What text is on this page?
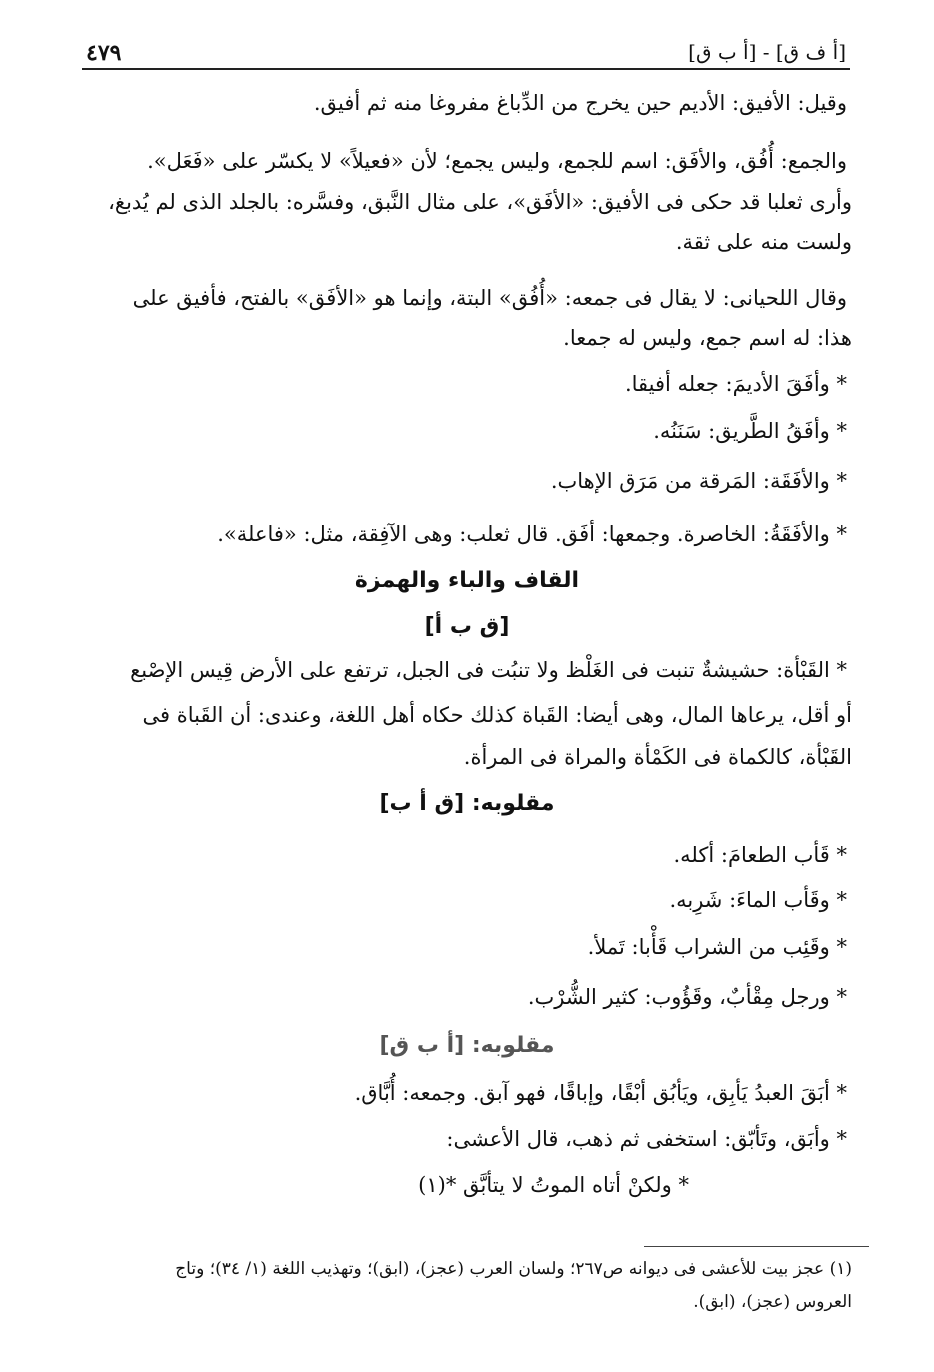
٤٧٩	[أ ف ق] - [أ ب ق]
وقيل: الأفيق: الأديم حين يخرج من الدِّباغ مفروغا منه ثم أفيق.
والجمع: أُفُق، والأفَق: اسم للجمع، وليس يجمع؛ لأن «فعيلاً» لا يكسّر على «فَعَل».
وأرى ثعلبا قد حكى فى الأفيق: «الأفَق»، على مثال النَّبق، وفسَّره: بالجلد الذى لم يُدبغ،
ولست منه على ثقة.
وقال اللحيانى: لا يقال فى جمعه: «أُفُق» البتة، وإنما هو «الأفَق» بالفتح، فأفيق على
هذا: له اسم جمع، وليس له جمعا.
* وأفَقَ الأديمَ: جعله أفيقا.
* وأفَقُ الطَّريق: سَنَنُه.
* والأفَقَة: المَرقة من مَرَق الإهاب.
* والأفَقَةُ: الخاصرة. وجمعها: أفَق. قال ثعلب: وهى الآفِقة، مثل: «فاعلة».
القاف والباء والهمزة
[ق ب أ]
* القَبْأة: حشيشةٌ تنبت فى الغَلْظ ولا تنبُت فى الجبل، ترتفع على الأرض قِيس الإصْبع
أو أقل، يرعاها المال، وهى أيضا: القَباة كذلك حكاه أهل اللغة، وعندى: أن القَباة فى
القَبْأة، كالكماة فى الكَمْأة والمراة فى المرأة.
مقلوبه: [ق أ ب]
* قَأب الطعامَ: أكله.
* وقَأب الماءَ: شَرِبه.
* وقَئِب من الشراب قَأْبا: تَملأ.
* ورجل مِقْأبٌ، وقَؤُوب: كثير الشُّرْب.
مقلوبه: [أ ب ق]
* أبَقَ العبدُ يَأبِق، ويَأبُق أبْقًا، وإباقًا، فهو آبق. وجمعه: أُبَّاق.
* وأبَق، وتَأبّق: استخفى ثم ذهب، قال الأعشى:
* ولكنْ أتاه الموتُ لا يتأبَّق *(١)
(١) عجز بيت للأعشى فى ديوانه ص٢٦٧؛ ولسان العرب (عجز)، (ابق)؛ وتهذيب اللغة (١/ ٣٤)؛ وتاج
العروس (عجز)، (ابق).
